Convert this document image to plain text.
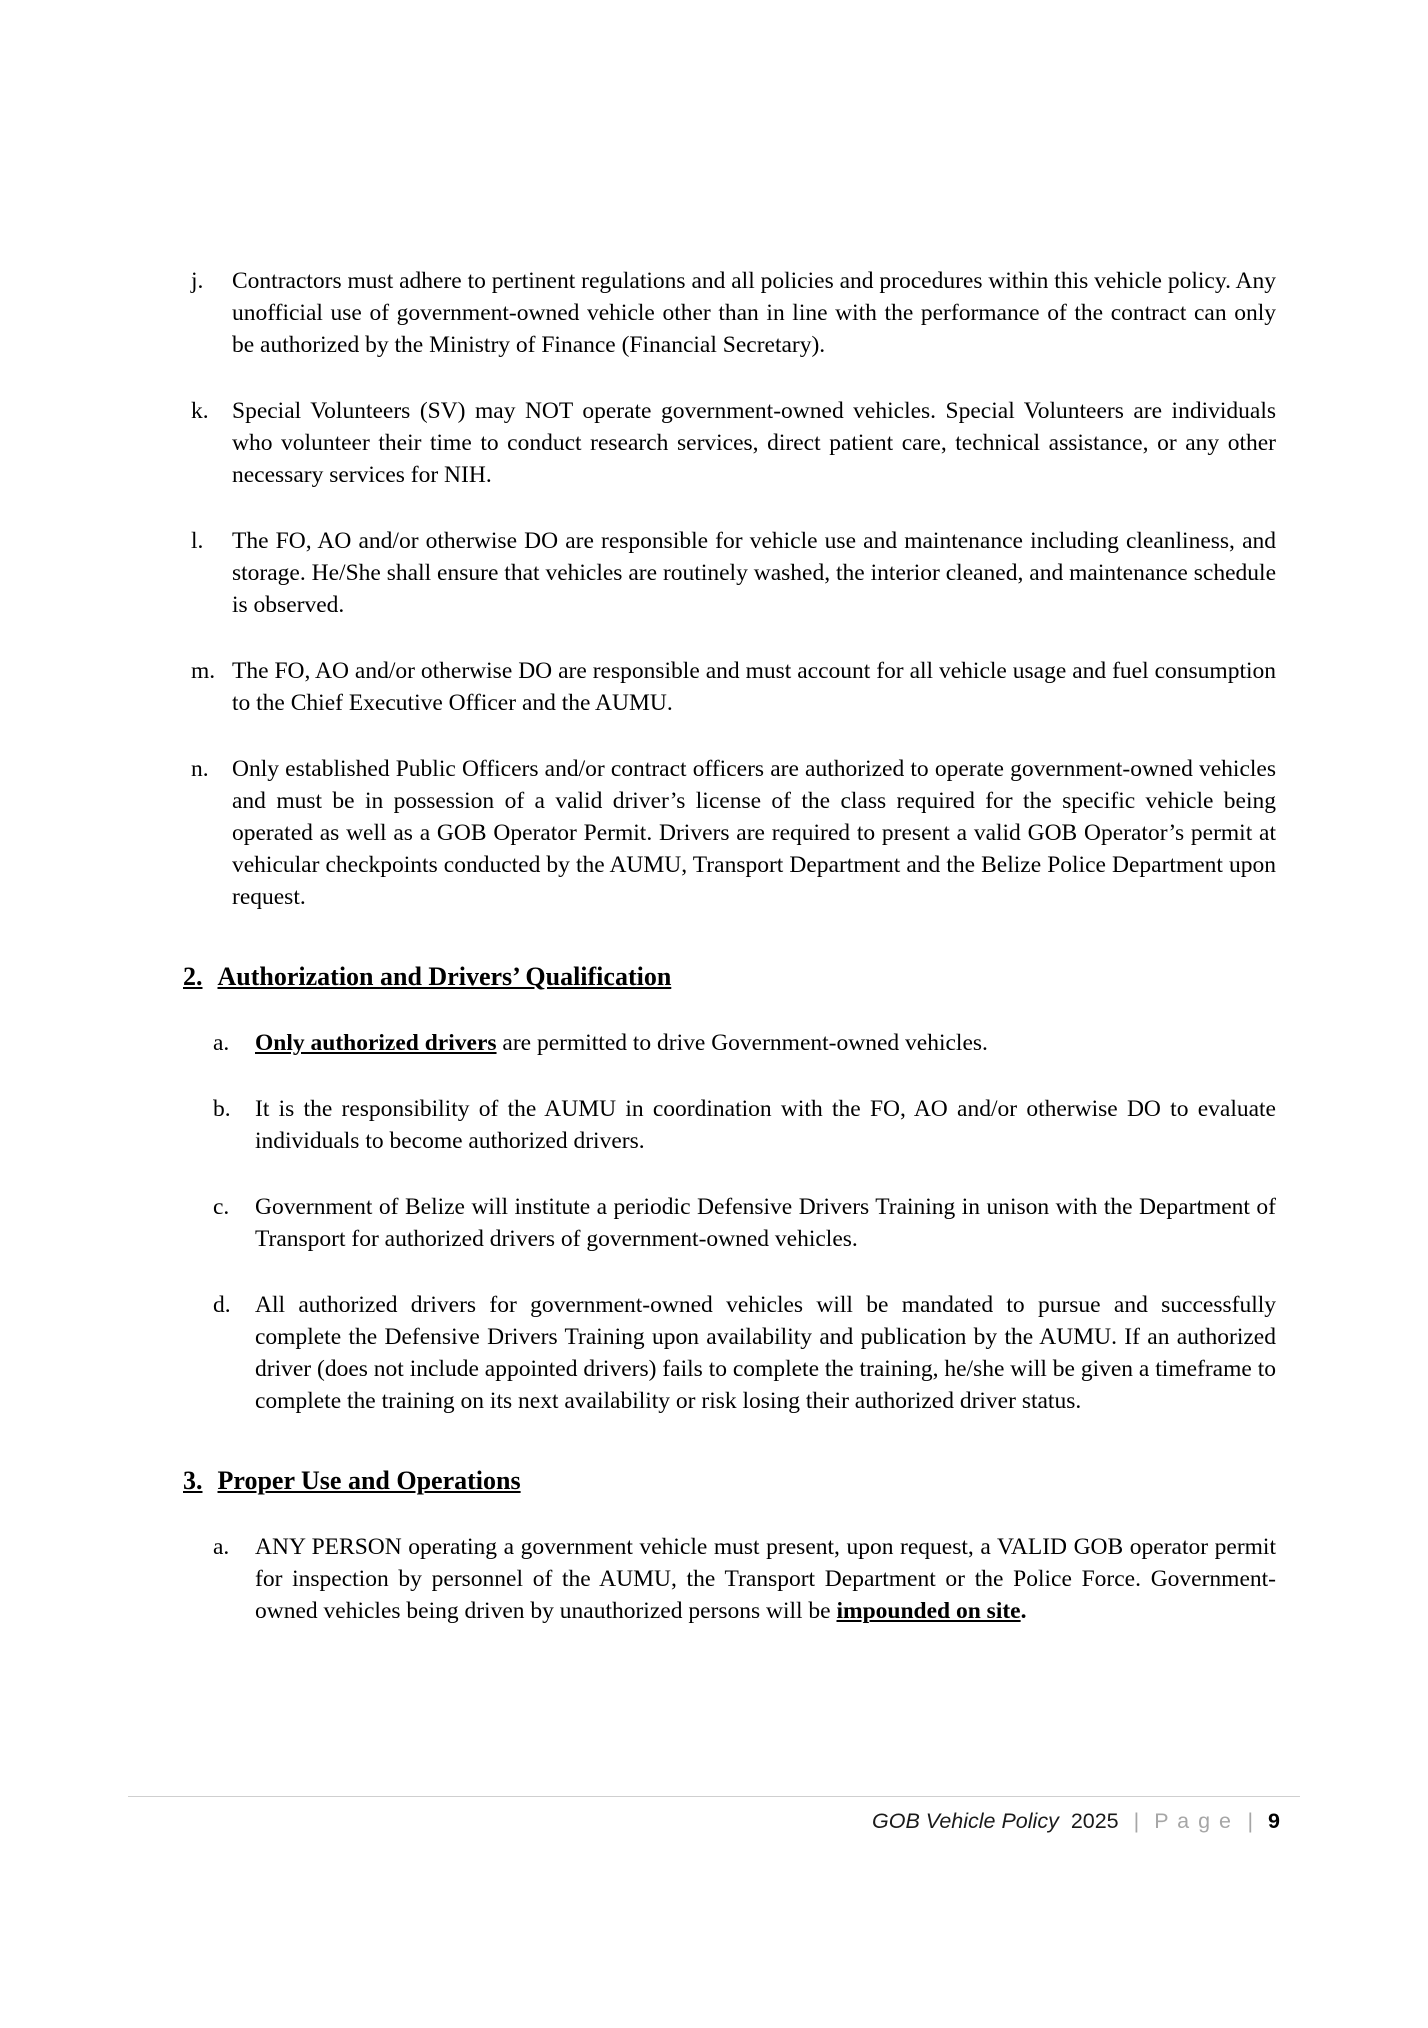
j. Contractors must adhere to pertinent regulations and all policies and procedures within this vehicle policy. Any unofficial use of government-owned vehicle other than in line with the performance of the contract can only be authorized by the Ministry of Finance (Financial Secretary).

k. Special Volunteers (SV) may NOT operate government-owned vehicles. Special Volunteers are individuals who volunteer their time to conduct research services, direct patient care, technical assistance, or any other necessary services for NIH.

l. The FO, AO and/or otherwise DO are responsible for vehicle use and maintenance including cleanliness, and storage. He/She shall ensure that vehicles are routinely washed, the interior cleaned, and maintenance schedule is observed.

m. The FO, AO and/or otherwise DO are responsible and must account for all vehicle usage and fuel consumption to the Chief Executive Officer and the AUMU.

n. Only established Public Officers and/or contract officers are authorized to operate government-owned vehicles and must be in possession of a valid driver’s license of the class required for the specific vehicle being operated as well as a GOB Operator Permit. Drivers are required to present a valid GOB Operator’s permit at vehicular checkpoints conducted by the AUMU, Transport Department and the Belize Police Department upon request.

2. Authorization and Drivers’ Qualification
a. Only authorized drivers are permitted to drive Government-owned vehicles.

b. It is the responsibility of the AUMU in coordination with the FO, AO and/or otherwise DO to evaluate individuals to become authorized drivers.

c. Government of Belize will institute a periodic Defensive Drivers Training in unison with the Department of Transport for authorized drivers of government-owned vehicles.

d. All authorized drivers for government-owned vehicles will be mandated to pursue and successfully complete the Defensive Drivers Training upon availability and publication by the AUMU. If an authorized driver (does not include appointed drivers) fails to complete the training, he/she will be given a timeframe to complete the training on its next availability or risk losing their authorized driver status.

3. Proper Use and Operations
a. ANY PERSON operating a government vehicle must present, upon request, a VALID GOB operator permit for inspection by personnel of the AUMU, the Transport Department or the Police Force. Government-owned vehicles being driven by unauthorized persons will be impounded on site.

GOB Vehicle Policy 2025 | P a g e | 9
